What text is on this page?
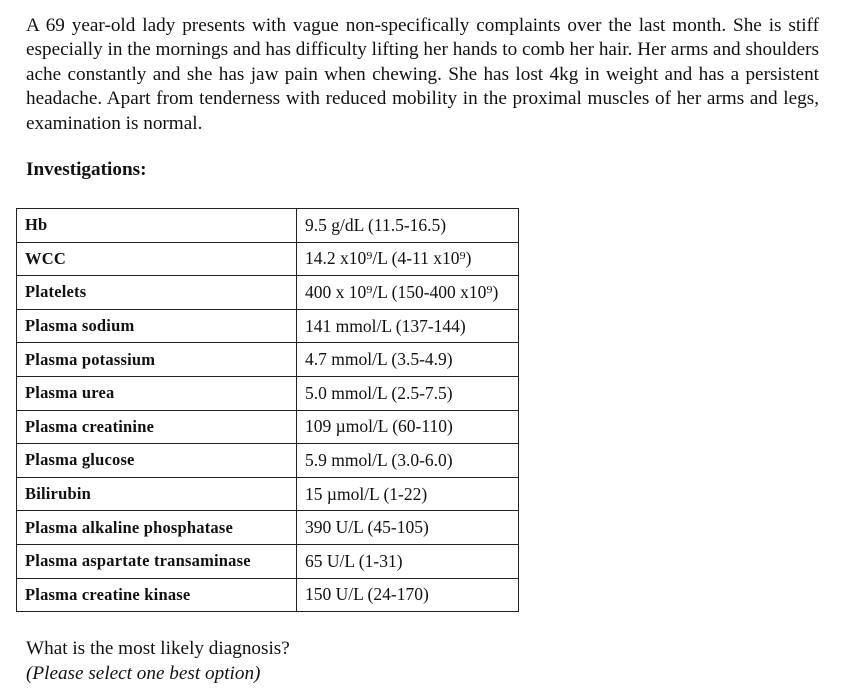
A 69 year-old lady presents with vague non-specifically complaints over the last month. She is stiff especially in the mornings and has difficulty lifting her hands to comb her hair. Her arms and shoulders ache constantly and she has jaw pain when chewing. She has lost 4kg in weight and has a persistent headache. Apart from tenderness with reduced mobility in the proximal muscles of her arms and legs, examination is normal.

Investigations:

Hb	9.5 g/dL (11.5-16.5)
WCC	14.2 x10⁹/L (4-11 x10⁹)
Platelets	400 x 10⁹/L (150-400 x10⁹)
Plasma sodium	141 mmol/L (137-144)
Plasma potassium	4.7 mmol/L (3.5-4.9)
Plasma urea	5.0 mmol/L (2.5-7.5)
Plasma creatinine	109 µmol/L (60-110)
Plasma glucose	5.9 mmol/L (3.0-6.0)
Bilirubin	15 µmol/L (1-22)
Plasma alkaline phosphatase	390 U/L (45-105)
Plasma aspartate transaminase	65 U/L (1-31)
Plasma creatine kinase	150 U/L (24-170)

What is the most likely diagnosis?

(Please select one best option)
